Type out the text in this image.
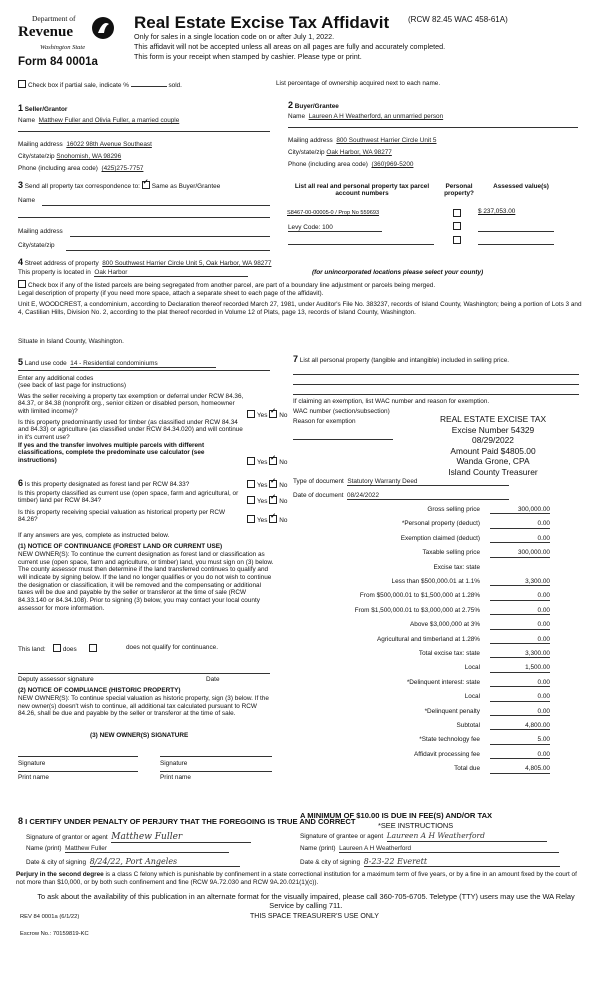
Department of
Revenue
Washington State
Form 84 0001a
Real Estate Excise Tax Affidavit (RCW 82.45 WAC 458-61A)
Only for sales in a single location code on or after July 1, 2022.
This affidavit will not be accepted unless all areas on all pages are fully and accurately completed.
This form is your receipt when stamped by cashier. Please type or print.
Check box if partial sale, indicate %	sold.	List percentage of ownership acquired next to each name.
1 Seller/Grantor
Name Matthew Fuller and Olivia Fuller, a married couple
Mailing address 16022 98th Avenue Southeast
City/state/zip Snohomish, WA 98296
Phone (including area code) (425)275-7757
2 Buyer/Grantee
Name Laureen A H Weatherford, an unmarried person
Mailing address 800 Southwest Harrier Circle Unit 5
City/state/zip Oak Harbor, WA 98277
Phone (including area code) (360)969-5200
3 Send all property tax correspondence to: ✓ Same as Buyer/Grantee
Name
Mailing address
City/state/zip
List all real and personal property tax parcel account numbers
Personal property?
Assessed value(s)
S8467-00-00005-0 / Prop No 559693	$ 237,053.00
Levy Code: 100
4 Street address of property 800 Southwest Harrier Circle Unit 5, Oak Harbor, WA 98277
This property is located in Oak Harbor	(for unincorporated locations please select your county)
Check box if any of the listed parcels are being segregated from another parcel, are part of a boundary line adjustment or parcels being merged.
Legal description of property (if you need more space, attach a separate sheet to each page of the affidavit).
Unit E, WOODCREST, a condominium, according to Declaration thereof recorded March 27, 1981, under Auditor's File No. 383237, records of Island County, Washington; being a portion of Lots 3 and 4, Castilian Hills, Division No. 2, according to the plat thereof recorded in Volume 12 of Plats, page 13, records of Island County, Washington.
Situate in Island County, Washington.
5 Land use code 14 - Residential condominiums
Enter any additional codes
(see back of last page for instructions)
Was the seller receiving a property tax exemption or deferral under RCW 84.36, 84.37, or 84.38 (nonprofit org., senior citizen or disabled person, homeowner with limited income)?
Yes ✓ No
Is this property predominantly used for timber (as classified under RCW 84.34 and 84.33) or agriculture (as classified under RCW 84.34.020) and will continue in it's current use?
If yes and the transfer involves multiple parcels with different classifications, complete the predominate use calculator (see instructions)	Yes ✓ No
7 List all personal property (tangible and intangible) included in selling price.
If claiming an exemption, list WAC number and reason for exemption.
WAC number (section/subsection)
Reason for exemption	REAL ESTATE EXCISE TAX
Excise Number 54329
08/29/2022
Amount Paid $4805.00
Wanda Grone, CPA
Island County Treasurer
6 Is this property designated as forest land per RCW 84.33?	Yes ✓ No
Is this property classified as current use (open space, farm and agricultural, or timber) land per RCW 84.34?	Yes ✓ No
Is this property receiving special valuation as historical property per RCW 84.26?	Yes ✓ No
If any answers are yes, complete as instructed below.
(1) NOTICE OF CONTINUANCE (FOREST LAND OR CURRENT USE)
NEW OWNER(S): To continue the current designation as forest land or classification as current use (open space, farm and agriculture, or timber) land, you must sign on (3) below. The county assessor must then determine if the land transferred continues to qualify and will indicate by signing below. If the land no longer qualifies or you do not wish to continue the designation or classification, it will be removed and the compensating or additional taxes will be due and payable by the seller or transferor at the time of sale (RCW 84.33.140 or 84.34.108). Prior to signing (3) below, you may contact your local county assessor for more information.
This land:	does	does not qualify for continuance.
Deputy assessor signature	Date
(2) NOTICE OF COMPLIANCE (HISTORIC PROPERTY)
NEW OWNER(S): To continue special valuation as historic property, sign (3) below. If the new owner(s) doesn't wish to continue, all additional tax calculated pursuant to RCW 84.26, shall be due and payable by the seller or transferor at the time of sale.
(3) NEW OWNER(S) SIGNATURE
Signature	Signature
Print name	Print name
Type of document Statutory Warranty Deed
Date of document 08/24/2022
Gross selling price	300,000.00
*Personal property (deduct)	0.00
Exemption claimed (deduct)	0.00
Taxable selling price	300,000.00
Excise tax: state
Less than $500,000.01 at 1.1%	3,300.00
From $500,000.01 to $1,500,000 at 1.28%	0.00
From $1,500,000.01 to $3,000,000 at 2.75%	0.00
Above $3,000,000 at 3%	0.00
Agricultural and timberland at 1.28%	0.00
Total excise tax: state	3,300.00
Local	1,500.00
*Delinquent interest: state	0.00
Local	0.00
*Delinquent penalty	0.00
Subtotal	4,800.00
*State technology fee	5.00
Affidavit processing fee	0.00
Total due	4,805.00
A MINIMUM OF $10.00 IS DUE IN FEE(S) AND/OR TAX
*SEE INSTRUCTIONS
8 I CERTIFY UNDER PENALTY OF PERJURY THAT THE FOREGOING IS TRUE AND CORRECT
Signature of grantor or agent Matthew Fuller
Name (print) Matthew Fuller
Date & city of signing 8/24/22, Port Angeles
Signature of grantee or agent Laureen A H Weatherford
Name (print) Laureen A H Weatherford
Date & city of signing 8-23-22 Everett
Perjury in the second degree is a class C felony which is punishable by confinement in a state correctional institution for a maximum term of five years, or by a fine in an amount fixed by the court of not more than $10,000, or by both such confinement and fine (RCW 9A.72.030 and RCW 9A.20.021(1)(c)).
To ask about the availability of this publication in an alternate format for the visually impaired, please call 360-705-6705. Teletype (TTY) users may use the WA Relay Service by calling 711.
REV 84 0001a (6/1/22)	THIS SPACE TREASURER'S USE ONLY
Escrow No.: 70159819-KC
